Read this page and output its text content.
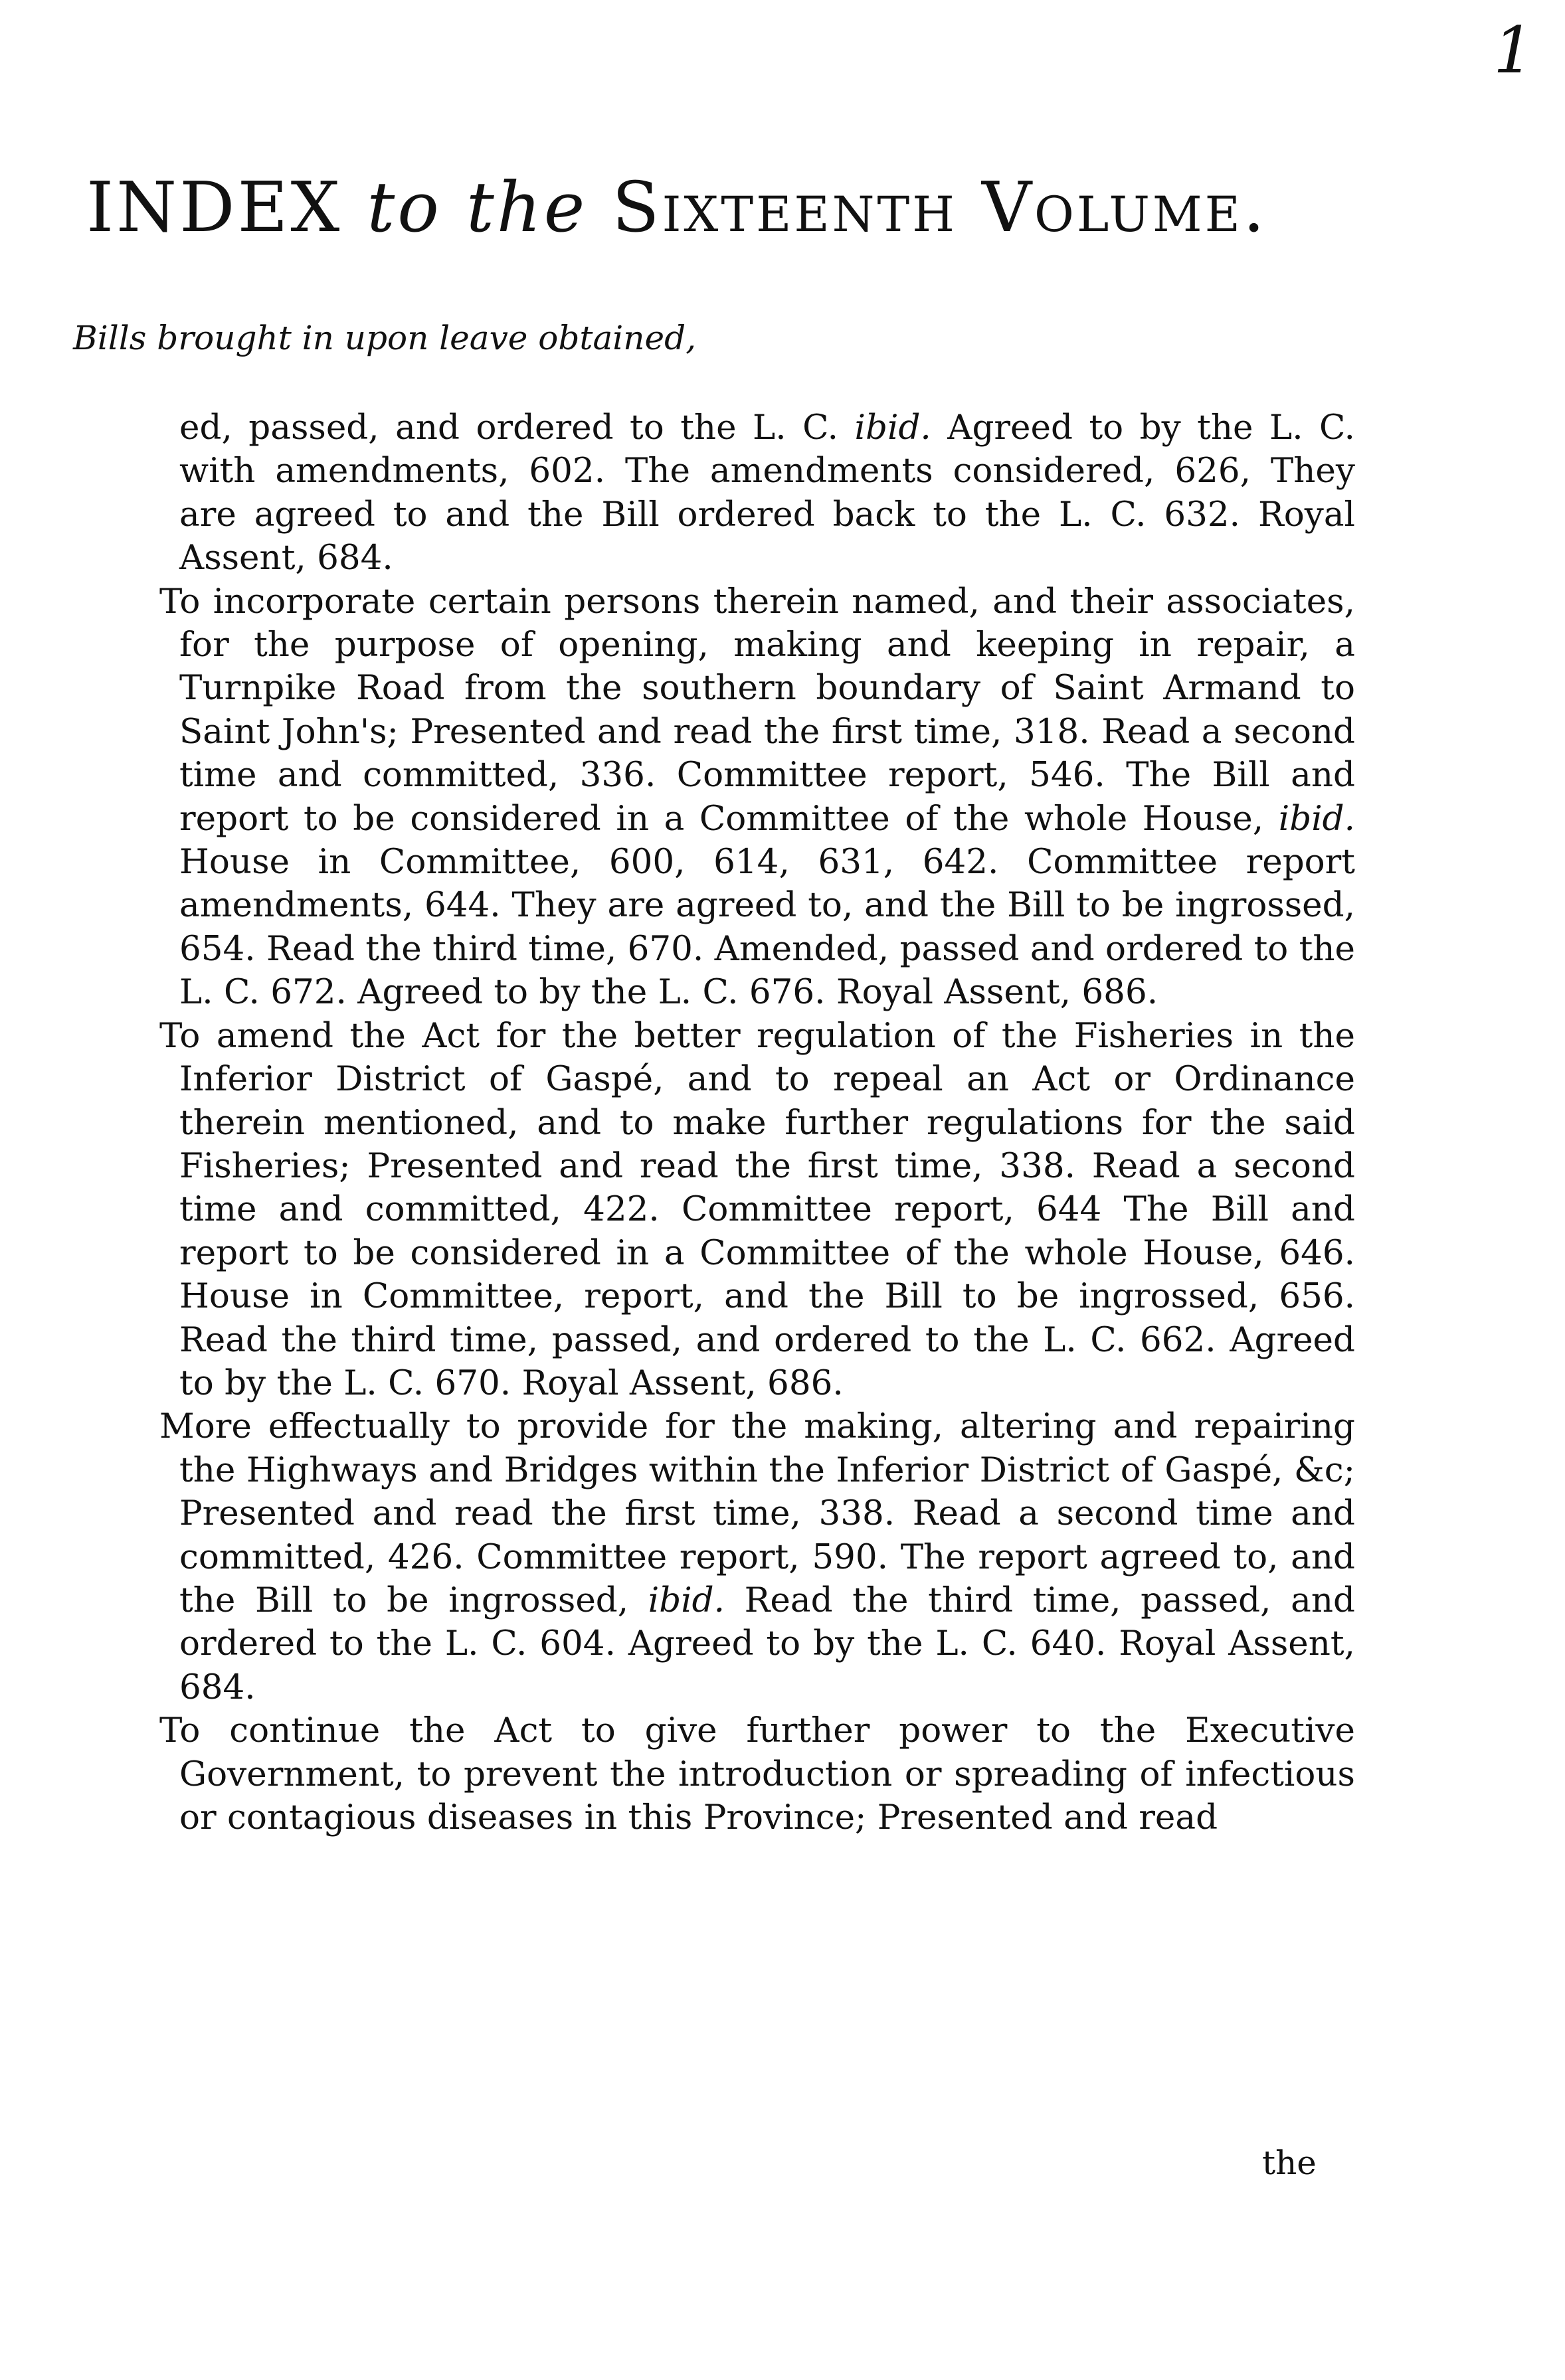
1
INDEX to the Sixteenth Volume.
Bills brought in upon leave obtained,

ed, passed, and ordered to the L. C. ibid. Agreed to by the L. C. with amendments, 602. The amendments considered, 626, They are agreed to and the Bill ordered back to the L. C. 632. Royal Assent, 684.

To incorporate certain persons therein named, and their associates, for the purpose of opening, making and keeping in repair, a Turnpike Road from the southern boundary of Saint Armand to Saint John's; Presented and read the first time, 318. Read a second time and committed, 336. Committee report, 546. The Bill and report to be considered in a Committee of the whole House, ibid. House in Committee, 600, 614, 631, 642. Committee report amendments, 644. They are agreed to, and the Bill to be ingrossed, 654. Read the third time, 670. Amended, passed and ordered to the L. C. 672. Agreed to by the L. C. 676. Royal Assent, 686.

To amend the Act for the better regulation of the Fisheries in the Inferior District of Gaspé, and to repeal an Act or Ordinance therein mentioned, and to make further regulations for the said Fisheries; Presented and read the first time, 338. Read a second time and committed, 422. Committee report, 644 The Bill and report to be considered in a Committee of the whole House, 646. House in Committee, report, and the Bill to be ingrossed, 656. Read the third time, passed, and ordered to the L. C. 662. Agreed to by the L. C. 670. Royal Assent, 686.

More effectually to provide for the making, altering and repairing the Highways and Bridges within the Inferior District of Gaspé, &c; Presented and read the first time, 338. Read a second time and committed, 426. Committee report, 590. The report agreed to, and the Bill to be ingrossed, ibid. Read the third time, passed, and ordered to the L. C. 604. Agreed to by the L. C. 640. Royal Assent, 684.

To continue the Act to give further power to the Executive Government, to prevent the introduction or spreading of infectious or contagious diseases in this Province; Presented and read

the
